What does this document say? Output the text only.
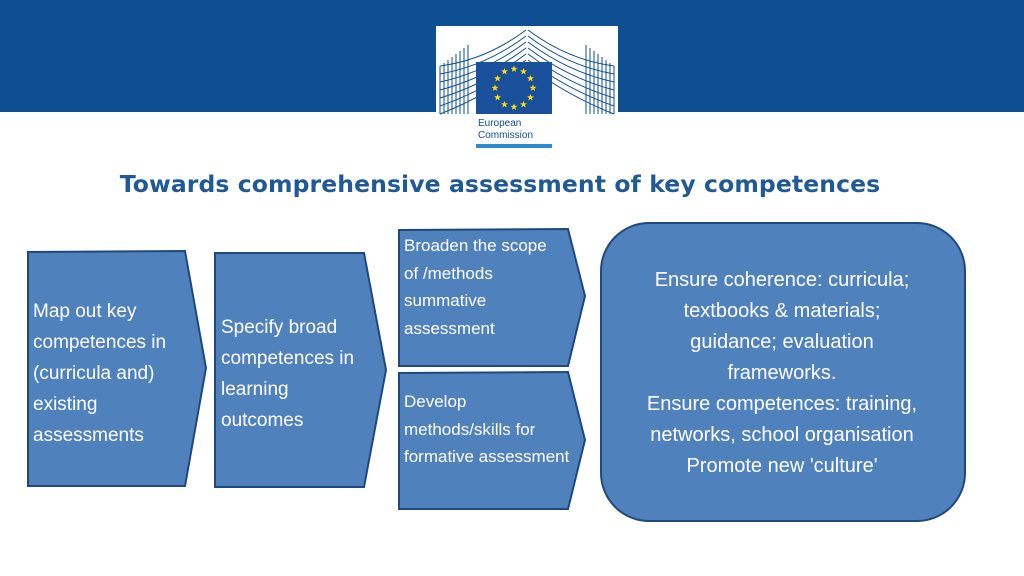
European
Commission
Towards comprehensive assessment of key competences
Map out key competences in (curricula and) existing assessments
Specify broad competences in learning outcomes
Broaden the scope of /methods summative assessment
Develop methods/skills for formative assessment
Ensure coherence: curricula;
textbooks & materials;
guidance; evaluation
frameworks.
Ensure competences: training,
networks, school organisation
Promote new 'culture'
